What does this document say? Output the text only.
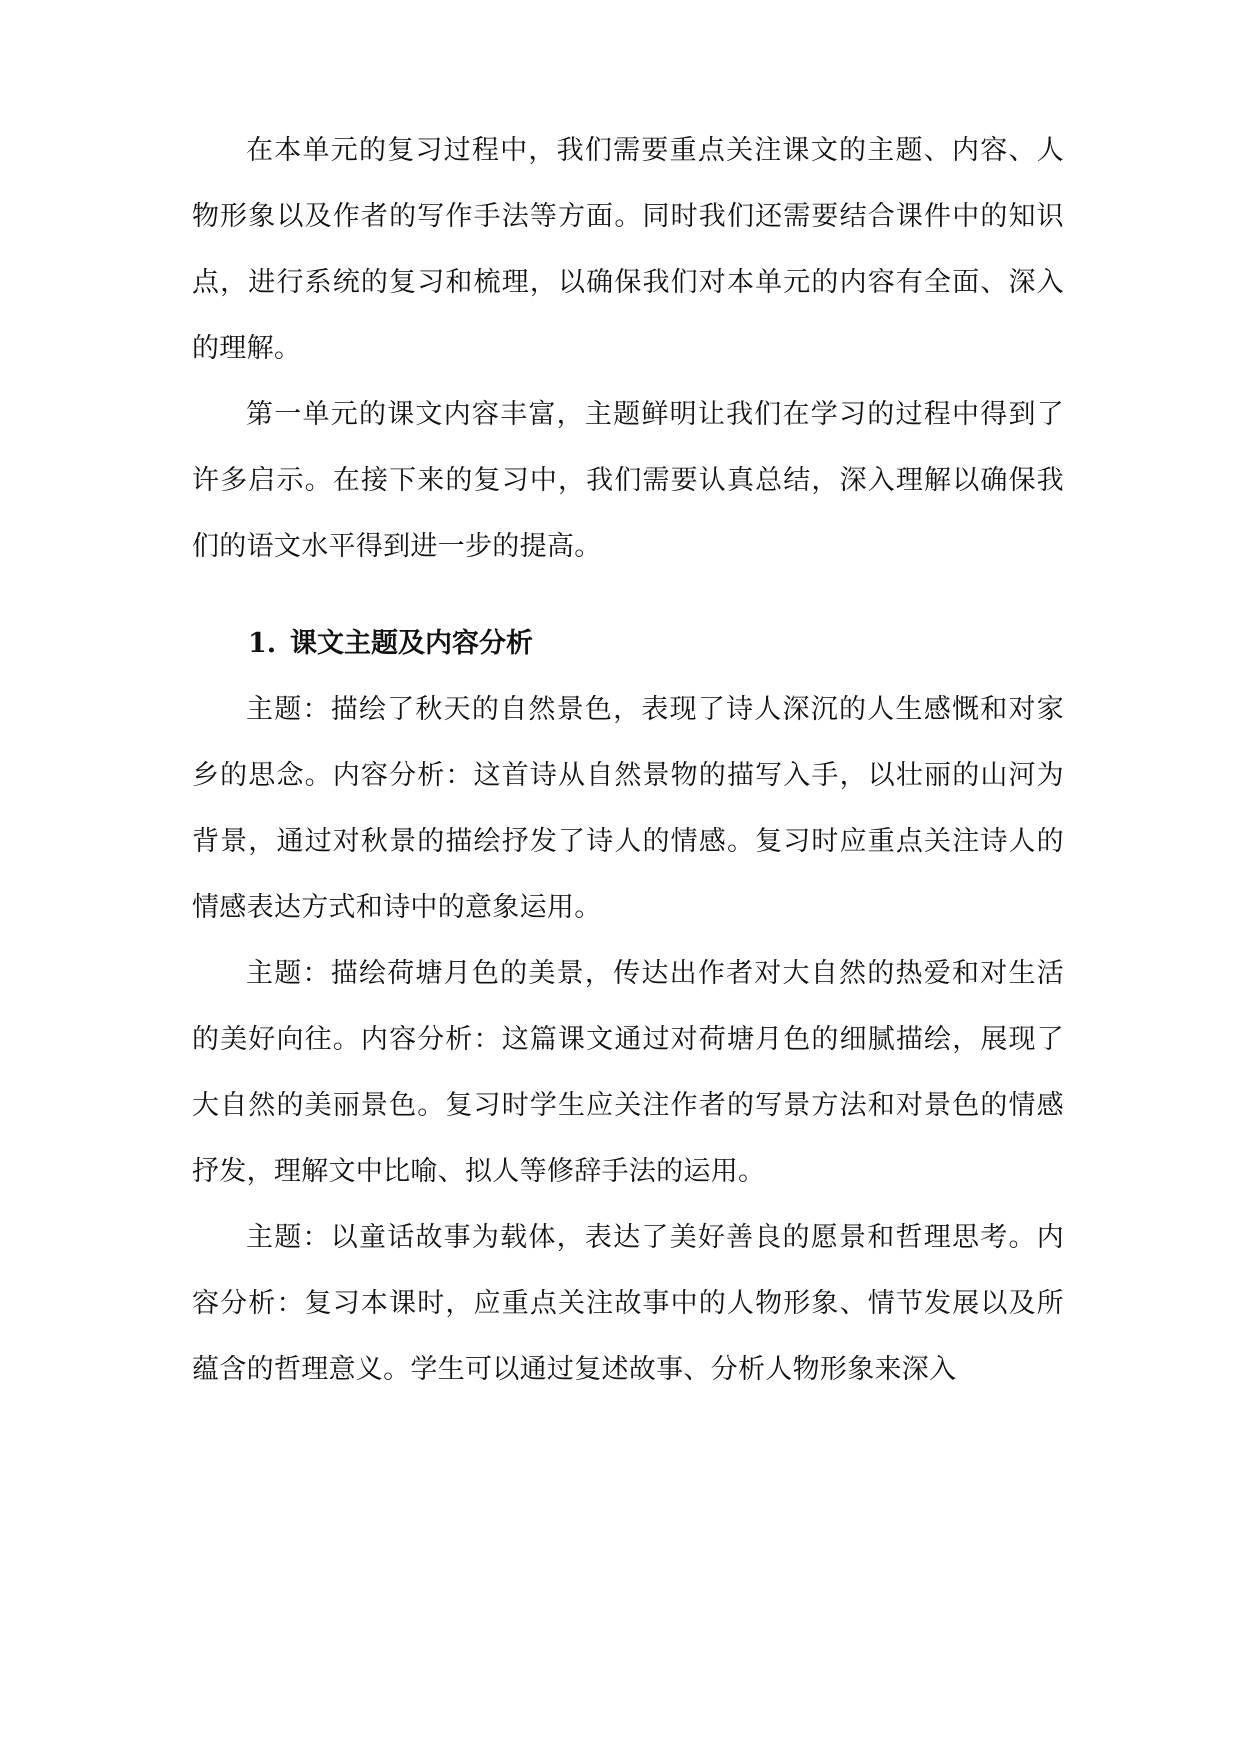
在本单元的复习过程中，我们需要重点关注课文的主题、内容、人物形象以及作者的写作手法等方面。同时我们还需要结合课件中的知识点，进行系统的复习和梳理，以确保我们对本单元的内容有全面、深入的理解。

第一单元的课文内容丰富，主题鲜明让我们在学习的过程中得到了许多启示。在接下来的复习中，我们需要认真总结，深入理解以确保我们的语文水平得到进一步的提高。

1. 课文主题及内容分析

主题：描绘了秋天的自然景色，表现了诗人深沉的人生感慨和对家乡的思念。内容分析：这首诗从自然景物的描写入手，以壮丽的山河为背景，通过对秋景的描绘抒发了诗人的情感。复习时应重点关注诗人的情感表达方式和诗中的意象运用。

主题：描绘荷塘月色的美景，传达出作者对大自然的热爱和对生活的美好向往。内容分析：这篇课文通过对荷塘月色的细腻描绘，展现了大自然的美丽景色。复习时学生应关注作者的写景方法和对景色的情感抒发，理解文中比喻、拟人等修辞手法的运用。

主题：以童话故事为载体，表达了美好善良的愿景和哲理思考。内容分析：复习本课时，应重点关注故事中的人物形象、情节发展以及所蕴含的哲理意义。学生可以通过复述故事、分析人物形象来深入
